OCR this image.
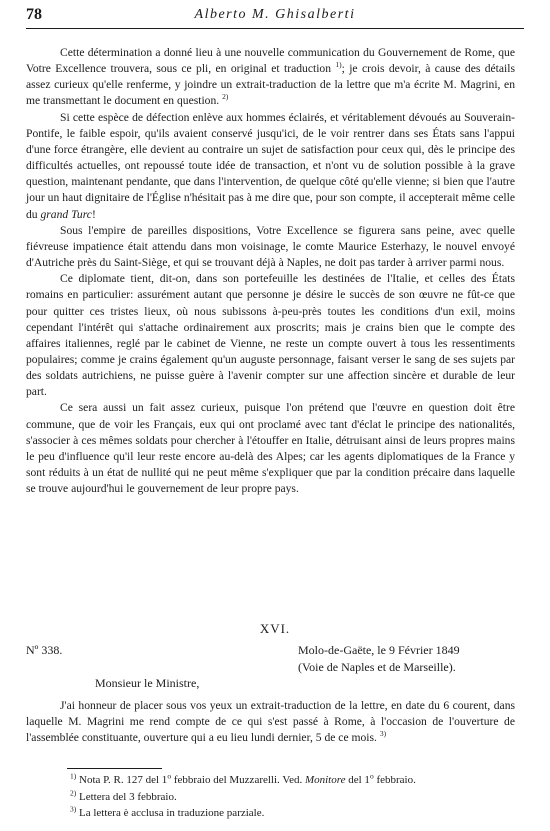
78	Alberto M. Ghisalberti

Cette détermination a donné lieu à une nouvelle communication du Gouvernement de Rome, que Votre Excellence trouvera, sous ce pli, en original et traduction $^{1)}$; je crois devoir, à cause des détails assez curieux qu'elle renferme, y joindre un extrait-traduction de la lettre que m'a écrite M. Magrini, en me transmettant le document en question. $^{2)}$

Si cette espèce de défection enlève aux hommes éclairés, et véritablement dévoués au Souverain-Pontife, le faible espoir, qu'ils avaient conservé jusqu'ici, de le voir rentrer dans ses États sans l'appui d'une force étrangère, elle devient au contraire un sujet de satisfaction pour ceux qui, dès le principe des difficultés actuelles, ont repoussé toute idée de transaction, et n'ont vu de solution possible à la grave question, maintenant pendante, que dans l'intervention, de quelque côté qu'elle vienne; si bien que l'autre jour un haut dignitaire de l'Église n'hésitait pas à me dire que, pour son compte, il accepterait même celle du grand Turc!

Sous l'empire de pareilles dispositions, Votre Excellence se figurera sans peine, avec quelle fiévreuse impatience était attendu dans mon voisinage, le comte Maurice Esterhazy, le nouvel envoyé d'Autriche près du Saint-Siège, et qui se trouvant déjà à Naples, ne doit pas tarder à arriver parmi nous.

Ce diplomate tient, dit-on, dans son portefeuille les destinées de l'Italie, et celles des États romains en particulier: assurément autant que personne je désire le succès de son œuvre ne fût-ce que pour quitter ces tristes lieux, où nous subissons à-peu-près toutes les conditions d'un exil, moins cependant l'intérêt qui s'attache ordinairement aux proscrits; mais je crains bien que le compte des affaires italiennes, reglé par le cabinet de Vienne, ne reste un compte ouvert à tous les ressentiments populaires; comme je crains également qu'un auguste personnage, faisant verser le sang de ses sujets par des soldats autrichiens, ne puisse guère à l'avenir compter sur une affection sincère et durable de leur part.

Ce sera aussi un fait assez curieux, puisque l'on prétend que l'œuvre en question doit être commune, que de voir les Français, eux qui ont proclamé avec tant d'éclat le principe des nationalités, s'associer à ces mêmes soldats pour chercher à l'étouffer en Italie, détruisant ainsi de leurs propres mains le peu d'influence qu'il leur reste encore au-delà des Alpes; car les agents diplomatiques de la France y sont réduits à un état de nullité qui ne peut même s'expliquer que par la condition précaire dans laquelle se trouve aujourd'hui le gouvernement de leur propre pays.

XVI.
Nº 338.	Molo-de-Gaëte, le 9 Février 1849
(Voie de Naples et de Marseille).
Monsieur le Ministre,

J'ai honneur de placer sous vos yeux un extrait-traduction de la lettre, en date du 6 courent, dans laquelle M. Magrini me rend compte de ce qui s'est passé à Rome, à l'occasion de l'ouverture de l'assemblée constituante, ouverture qui a eu lieu lundi dernier, 5 de ce mois. $^{3)}$

$^{1)}$ Nota P. R. 127 del 1$^o$ febbraio del Muzzarelli. Ved. Monitore del 1$^o$ febbraio.
$^{2)}$ Lettera del 3 febbraio.
$^{3)}$ La lettera è acclusa in traduzione parziale.
